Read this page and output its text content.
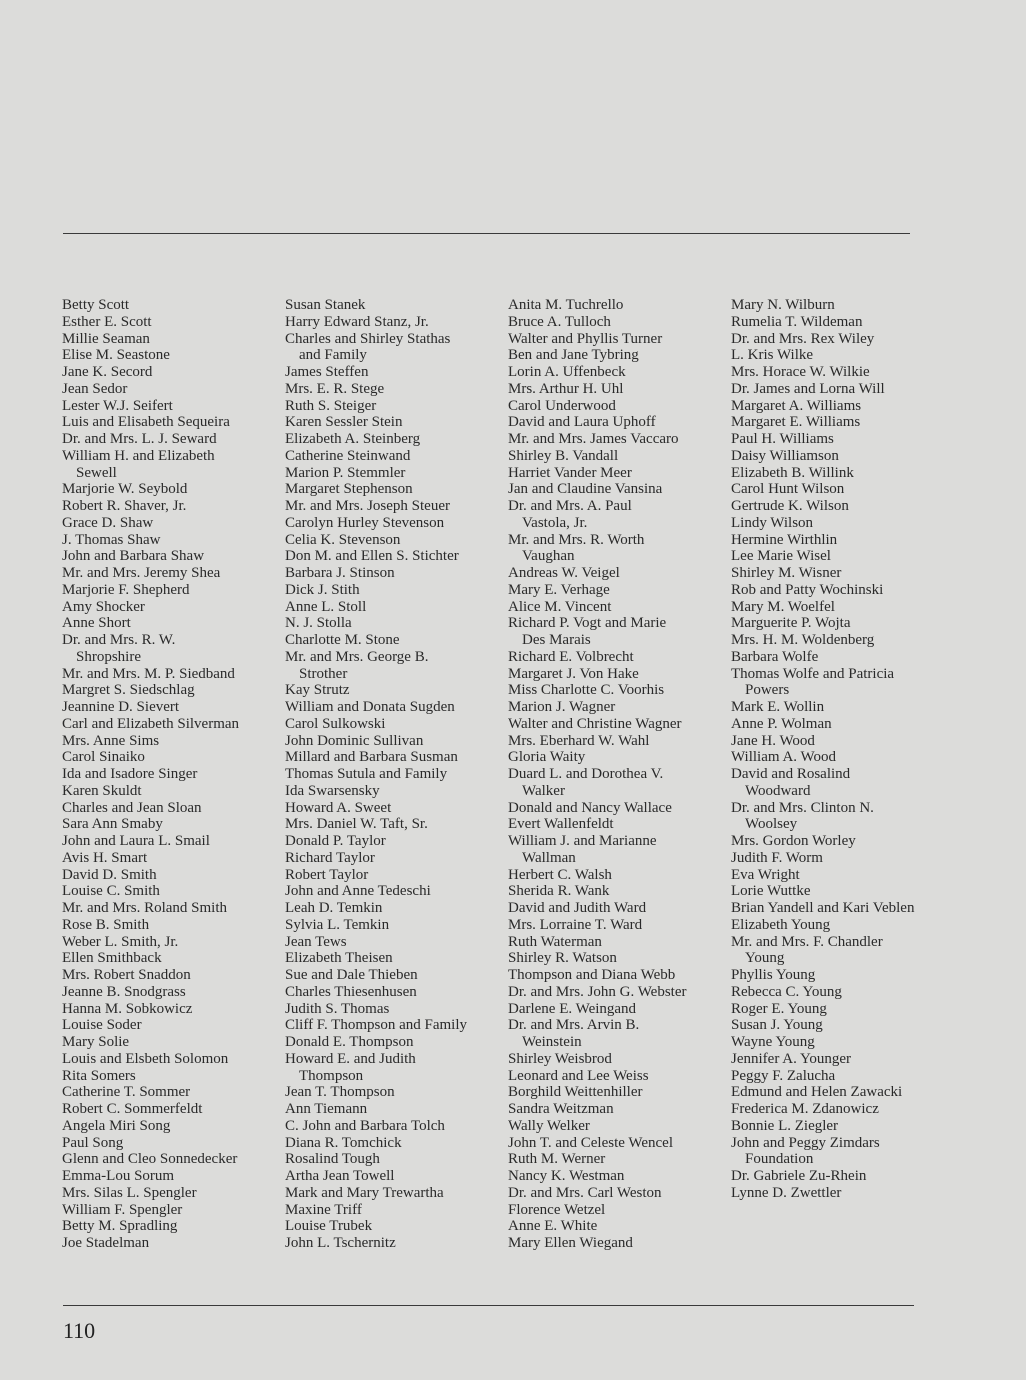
Betty Scott
Esther E. Scott
Millie Seaman
Elise M. Seastone
Jane K. Secord
Jean Sedor
Lester W.J. Seifert
Luis and Elisabeth Sequeira
Dr. and Mrs. L. J. Seward
William H. and Elizabeth
Sewell
Marjorie W. Seybold
Robert R. Shaver, Jr.
Grace D. Shaw
J. Thomas Shaw
John and Barbara Shaw
Mr. and Mrs. Jeremy Shea
Marjorie F. Shepherd
Amy Shocker
Anne Short
Dr. and Mrs. R. W.
Shropshire
Mr. and Mrs. M. P. Siedband
Margret S. Siedschlag
Jeannine D. Sievert
Carl and Elizabeth Silverman
Mrs. Anne Sims
Carol Sinaiko
Ida and Isadore Singer
Karen Skuldt
Charles and Jean Sloan
Sara Ann Smaby
John and Laura L. Smail
Avis H. Smart
David D. Smith
Louise C. Smith
Mr. and Mrs. Roland Smith
Rose B. Smith
Weber L. Smith, Jr.
Ellen Smithback
Mrs. Robert Snaddon
Jeanne B. Snodgrass
Hanna M. Sobkowicz
Louise Soder
Mary Solie
Louis and Elsbeth Solomon
Rita Somers
Catherine T. Sommer
Robert C. Sommerfeldt
Angela Miri Song
Paul Song
Glenn and Cleo Sonnedecker
Emma-Lou Sorum
Mrs. Silas L. Spengler
William F. Spengler
Betty M. Spradling
Joe Stadelman
Susan Stanek
Harry Edward Stanz, Jr.
Charles and Shirley Stathas
and Family
James Steffen
Mrs. E. R. Stege
Ruth S. Steiger
Karen Sessler Stein
Elizabeth A. Steinberg
Catherine Steinwand
Marion P. Stemmler
Margaret Stephenson
Mr. and Mrs. Joseph Steuer
Carolyn Hurley Stevenson
Celia K. Stevenson
Don M. and Ellen S. Stichter
Barbara J. Stinson
Dick J. Stith
Anne L. Stoll
N. J. Stolla
Charlotte M. Stone
Mr. and Mrs. George B.
Strother
Kay Strutz
William and Donata Sugden
Carol Sulkowski
John Dominic Sullivan
Millard and Barbara Susman
Thomas Sutula and Family
Ida Swarsensky
Howard A. Sweet
Mrs. Daniel W. Taft, Sr.
Donald P. Taylor
Richard Taylor
Robert Taylor
John and Anne Tedeschi
Leah D. Temkin
Sylvia L. Temkin
Jean Tews
Elizabeth Theisen
Sue and Dale Thieben
Charles Thiesenhusen
Judith S. Thomas
Cliff F. Thompson and Family
Donald E. Thompson
Howard E. and Judith
Thompson
Jean T. Thompson
Ann Tiemann
C. John and Barbara Tolch
Diana R. Tomchick
Rosalind Tough
Artha Jean Towell
Mark and Mary Trewartha
Maxine Triff
Louise Trubek
John L. Tschernitz
Anita M. Tuchrello
Bruce A. Tulloch
Walter and Phyllis Turner
Ben and Jane Tybring
Lorin A. Uffenbeck
Mrs. Arthur H. Uhl
Carol Underwood
David and Laura Uphoff
Mr. and Mrs. James Vaccaro
Shirley B. Vandall
Harriet Vander Meer
Jan and Claudine Vansina
Dr. and Mrs. A. Paul
Vastola, Jr.
Mr. and Mrs. R. Worth
Vaughan
Andreas W. Veigel
Mary E. Verhage
Alice M. Vincent
Richard P. Vogt and Marie
Des Marais
Richard E. Volbrecht
Margaret J. Von Hake
Miss Charlotte C. Voorhis
Marion J. Wagner
Walter and Christine Wagner
Mrs. Eberhard W. Wahl
Gloria Waity
Duard L. and Dorothea V.
Walker
Donald and Nancy Wallace
Evert Wallenfeldt
William J. and Marianne
Wallman
Herbert C. Walsh
Sherida R. Wank
David and Judith Ward
Mrs. Lorraine T. Ward
Ruth Waterman
Shirley R. Watson
Thompson and Diana Webb
Dr. and Mrs. John G. Webster
Darlene E. Weingand
Dr. and Mrs. Arvin B.
Weinstein
Shirley Weisbrod
Leonard and Lee Weiss
Borghild Weittenhiller
Sandra Weitzman
Wally Welker
John T. and Celeste Wencel
Ruth M. Werner
Nancy K. Westman
Dr. and Mrs. Carl Weston
Florence Wetzel
Anne E. White
Mary Ellen Wiegand
Mary N. Wilburn
Rumelia T. Wildeman
Dr. and Mrs. Rex Wiley
L. Kris Wilke
Mrs. Horace W. Wilkie
Dr. James and Lorna Will
Margaret A. Williams
Margaret E. Williams
Paul H. Williams
Daisy Williamson
Elizabeth B. Willink
Carol Hunt Wilson
Gertrude K. Wilson
Lindy Wilson
Hermine Wirthlin
Lee Marie Wisel
Shirley M. Wisner
Rob and Patty Wochinski
Mary M. Woelfel
Marguerite P. Wojta
Mrs. H. M. Woldenberg
Barbara Wolfe
Thomas Wolfe and Patricia
Powers
Mark E. Wollin
Anne P. Wolman
Jane H. Wood
William A. Wood
David and Rosalind
Woodward
Dr. and Mrs. Clinton N.
Woolsey
Mrs. Gordon Worley
Judith F. Worm
Eva Wright
Lorie Wuttke
Brian Yandell and Kari Veblen
Elizabeth Young
Mr. and Mrs. F. Chandler
Young
Phyllis Young
Rebecca C. Young
Roger E. Young
Susan J. Young
Wayne Young
Jennifer A. Younger
Peggy F. Zalucha
Edmund and Helen Zawacki
Frederica M. Zdanowicz
Bonnie L. Ziegler
John and Peggy Zimdars
Foundation
Dr. Gabriele Zu-Rhein
Lynne D. Zwettler
110
